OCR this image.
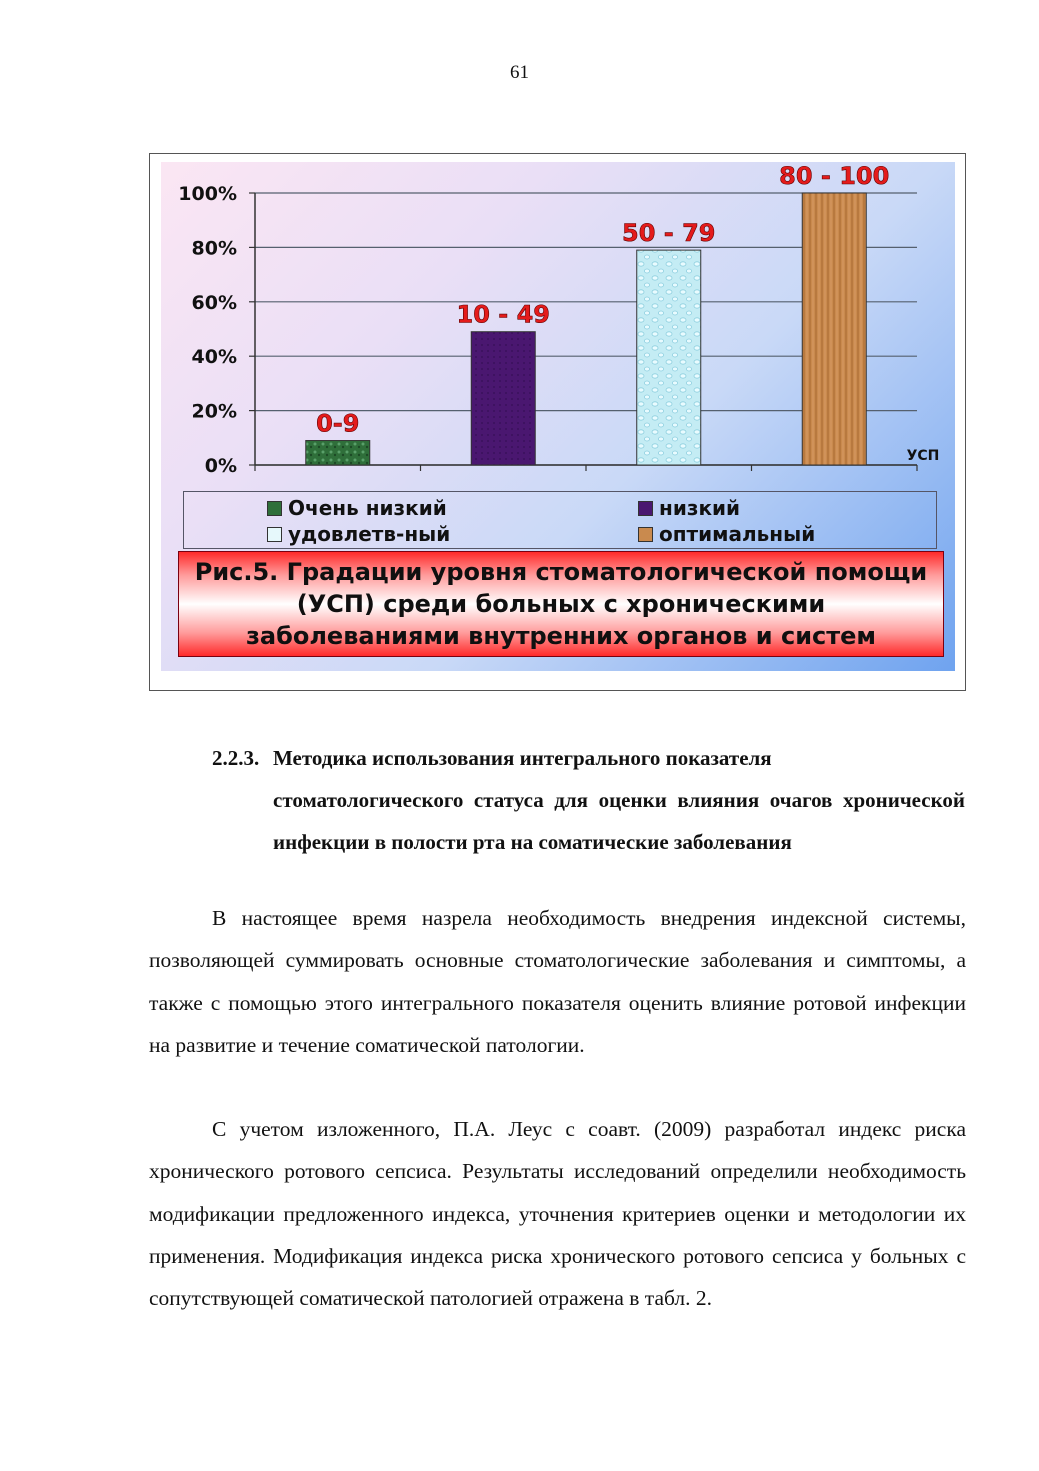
61
0%
20%
40%
60%
80%
100%
0-9
10 - 49
50 - 79
80 - 100
УСП
Очень низкий	низкий
удовлетв-ный	оптимальный
Рис.5. Градации уровня стоматологической помощи (УСП) среди больных с хроническими заболеваниями внутренних органов и систем
2.2.3. Методика использования интегрального показателя
стоматологического статуса для оценки влияния очагов хронической инфекции в полости рта на соматические заболевания
В настоящее время назрела необходимость внедрения индексной системы, позволяющей суммировать основные стоматологические заболевания и симптомы, а также с помощью этого интегрального показателя оценить влияние ротовой инфекции на развитие и течение соматической патологии.
С учетом изложенного, П.А. Леус с соавт. (2009) разработал индекс риска хронического ротового сепсиса. Результаты исследований определили необходимость модификации предложенного индекса, уточнения критериев оценки и методологии их применения. Модификация индекса риска хронического ротового сепсиса у больных с сопутствующей соматической патологией отражена в табл. 2.
